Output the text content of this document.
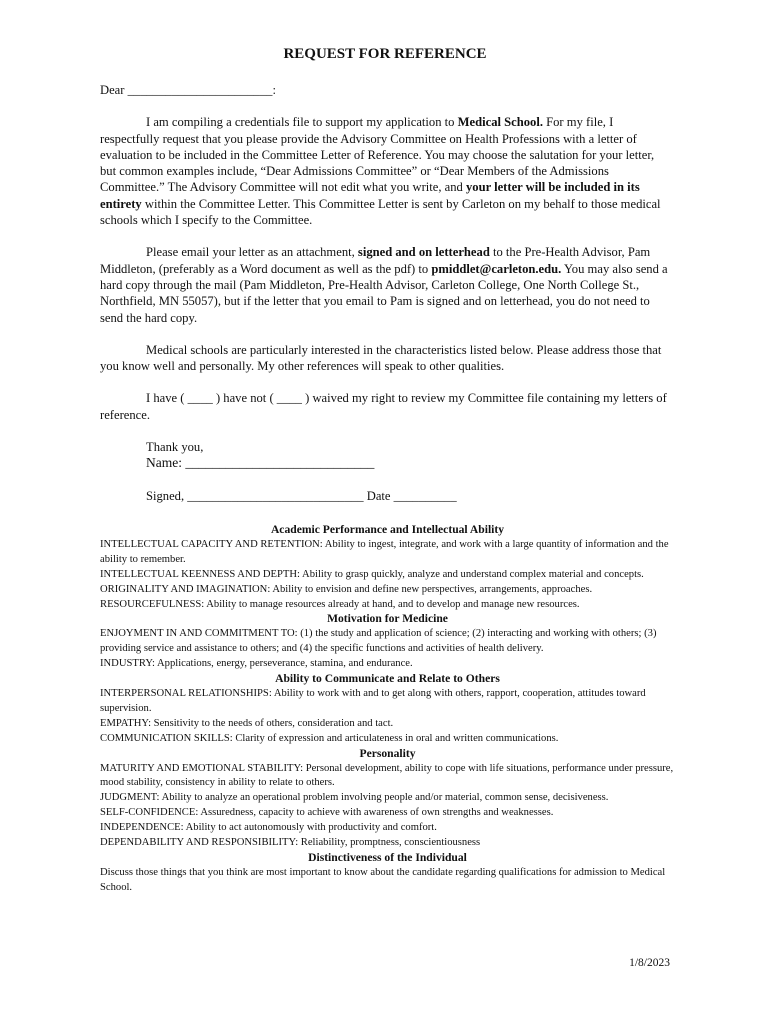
REQUEST FOR REFERENCE

Dear _______________________:

I am compiling a credentials file to support my application to Medical School. For my file, I respectfully request that you please provide the Advisory Committee on Health Professions with a letter of evaluation to be included in the Committee Letter of Reference. You may choose the salutation for your letter, but common examples include, “Dear Admissions Committee” or “Dear Members of the Admissions Committee.” The Advisory Committee will not edit what you write, and your letter will be included in its entirety within the Committee Letter. This Committee Letter is sent by Carleton on my behalf to those medical schools which I specify to the Committee.

Please email your letter as an attachment, signed and on letterhead to the Pre-Health Advisor, Pam Middleton, (preferably as a Word document as well as the pdf) to pmiddlet@carleton.edu. You may also send a hard copy through the mail (Pam Middleton, Pre-Health Advisor, Carleton College, One North College St., Northfield, MN 55057), but if the letter that you email to Pam is signed and on letterhead, you do not need to send the hard copy.

Medical schools are particularly interested in the characteristics listed below. Please address those that you know well and personally. My other references will speak to other qualities.

I have ( ____ ) have not ( ____ ) waived my right to review my Committee file containing my letters of reference.

Thank you,

Name: ____________________________

Signed, ____________________________ Date __________

Academic Performance and Intellectual Ability

INTELLECTUAL CAPACITY AND RETENTION: Ability to ingest, integrate, and work with a large quantity of information and the ability to remember.

INTELLECTUAL KEENNESS AND DEPTH: Ability to grasp quickly, analyze and understand complex material and concepts.

ORIGINALITY AND IMAGINATION: Ability to envision and define new perspectives, arrangements, approaches.

RESOURCEFULNESS: Ability to manage resources already at hand, and to develop and manage new resources.

Motivation for Medicine

ENJOYMENT IN AND COMMITMENT TO: (1) the study and application of science; (2) interacting and working with others; (3) providing service and assistance to others; and (4) the specific functions and activities of health delivery.

INDUSTRY: Applications, energy, perseverance, stamina, and endurance.

Ability to Communicate and Relate to Others

INTERPERSONAL RELATIONSHIPS: Ability to work with and to get along with others, rapport, cooperation, attitudes toward supervision.

EMPATHY: Sensitivity to the needs of others, consideration and tact.

COMMUNICATION SKILLS: Clarity of expression and articulateness in oral and written communications.

Personality

MATURITY AND EMOTIONAL STABILITY: Personal development, ability to cope with life situations, performance under pressure, mood stability, consistency in ability to relate to others.

JUDGMENT: Ability to analyze an operational problem involving people and/or material, common sense, decisiveness.

SELF-CONFIDENCE: Assuredness, capacity to achieve with awareness of own strengths and weaknesses.

INDEPENDENCE: Ability to act autonomously with productivity and comfort.

DEPENDABILITY AND RESPONSIBILITY: Reliability, promptness, conscientiousness

Distinctiveness of the Individual

Discuss those things that you think are most important to know about the candidate regarding qualifications for admission to Medical School.

1/8/2023
